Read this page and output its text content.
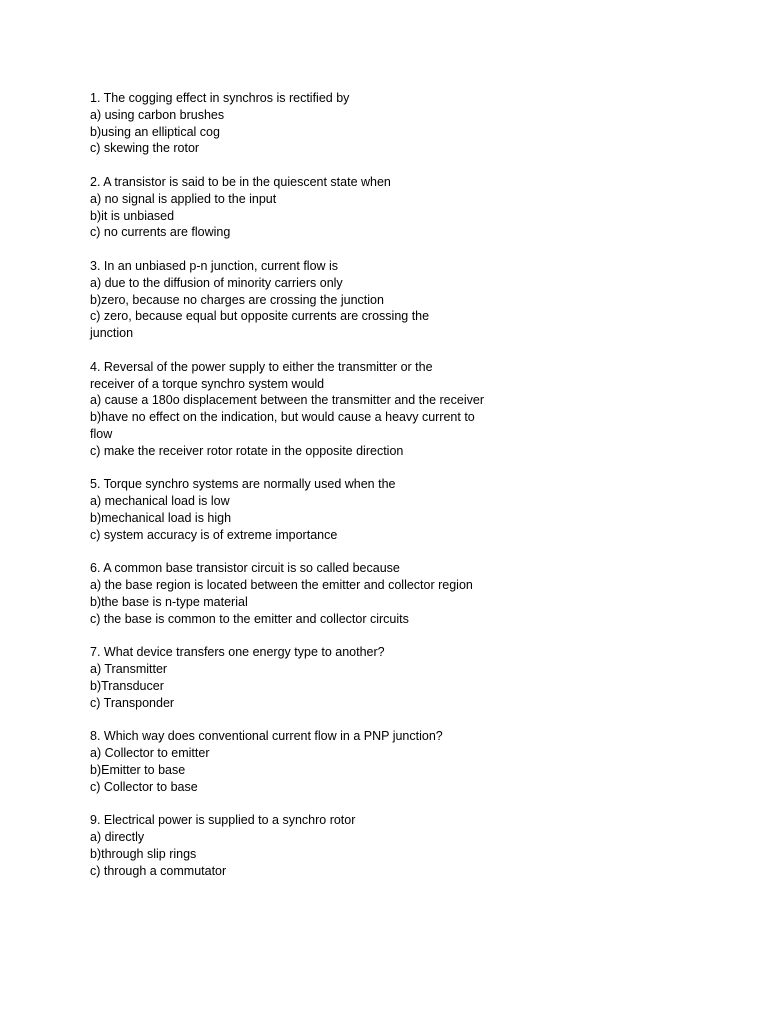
1. The cogging effect in synchros is rectified by
a) using carbon brushes
b)using an elliptical cog
c) skewing the rotor
2. A transistor is said to be in the quiescent state when
a) no signal is applied to the input
b)it is unbiased
c) no currents are flowing
3. In an unbiased p-n junction, current flow is
a) due to the diffusion of minority carriers only
b)zero, because no charges are crossing the junction
c) zero, because equal but opposite currents are crossing the
junction
4. Reversal of the power supply to either the transmitter or the
receiver of a torque synchro system would
a) cause a 180o displacement between the transmitter and the receiver
b)have no effect on the indication, but would cause a heavy current to
flow
c) make the receiver rotor rotate in the opposite direction
5. Torque synchro systems are normally used when the
a) mechanical load is low
b)mechanical load is high
c) system accuracy is of extreme importance
6. A common base transistor circuit is so called because
a) the base region is located between the emitter and collector region
b)the base is n-type material
c) the base is common to the emitter and collector circuits
7. What device transfers one energy type to another?
a) Transmitter
b)Transducer
c) Transponder
8. Which way does conventional current flow in a PNP junction?
a) Collector to emitter
b)Emitter to base
c) Collector to base
9. Electrical power is supplied to a synchro rotor
a) directly
b)through slip rings
c) through a commutator
